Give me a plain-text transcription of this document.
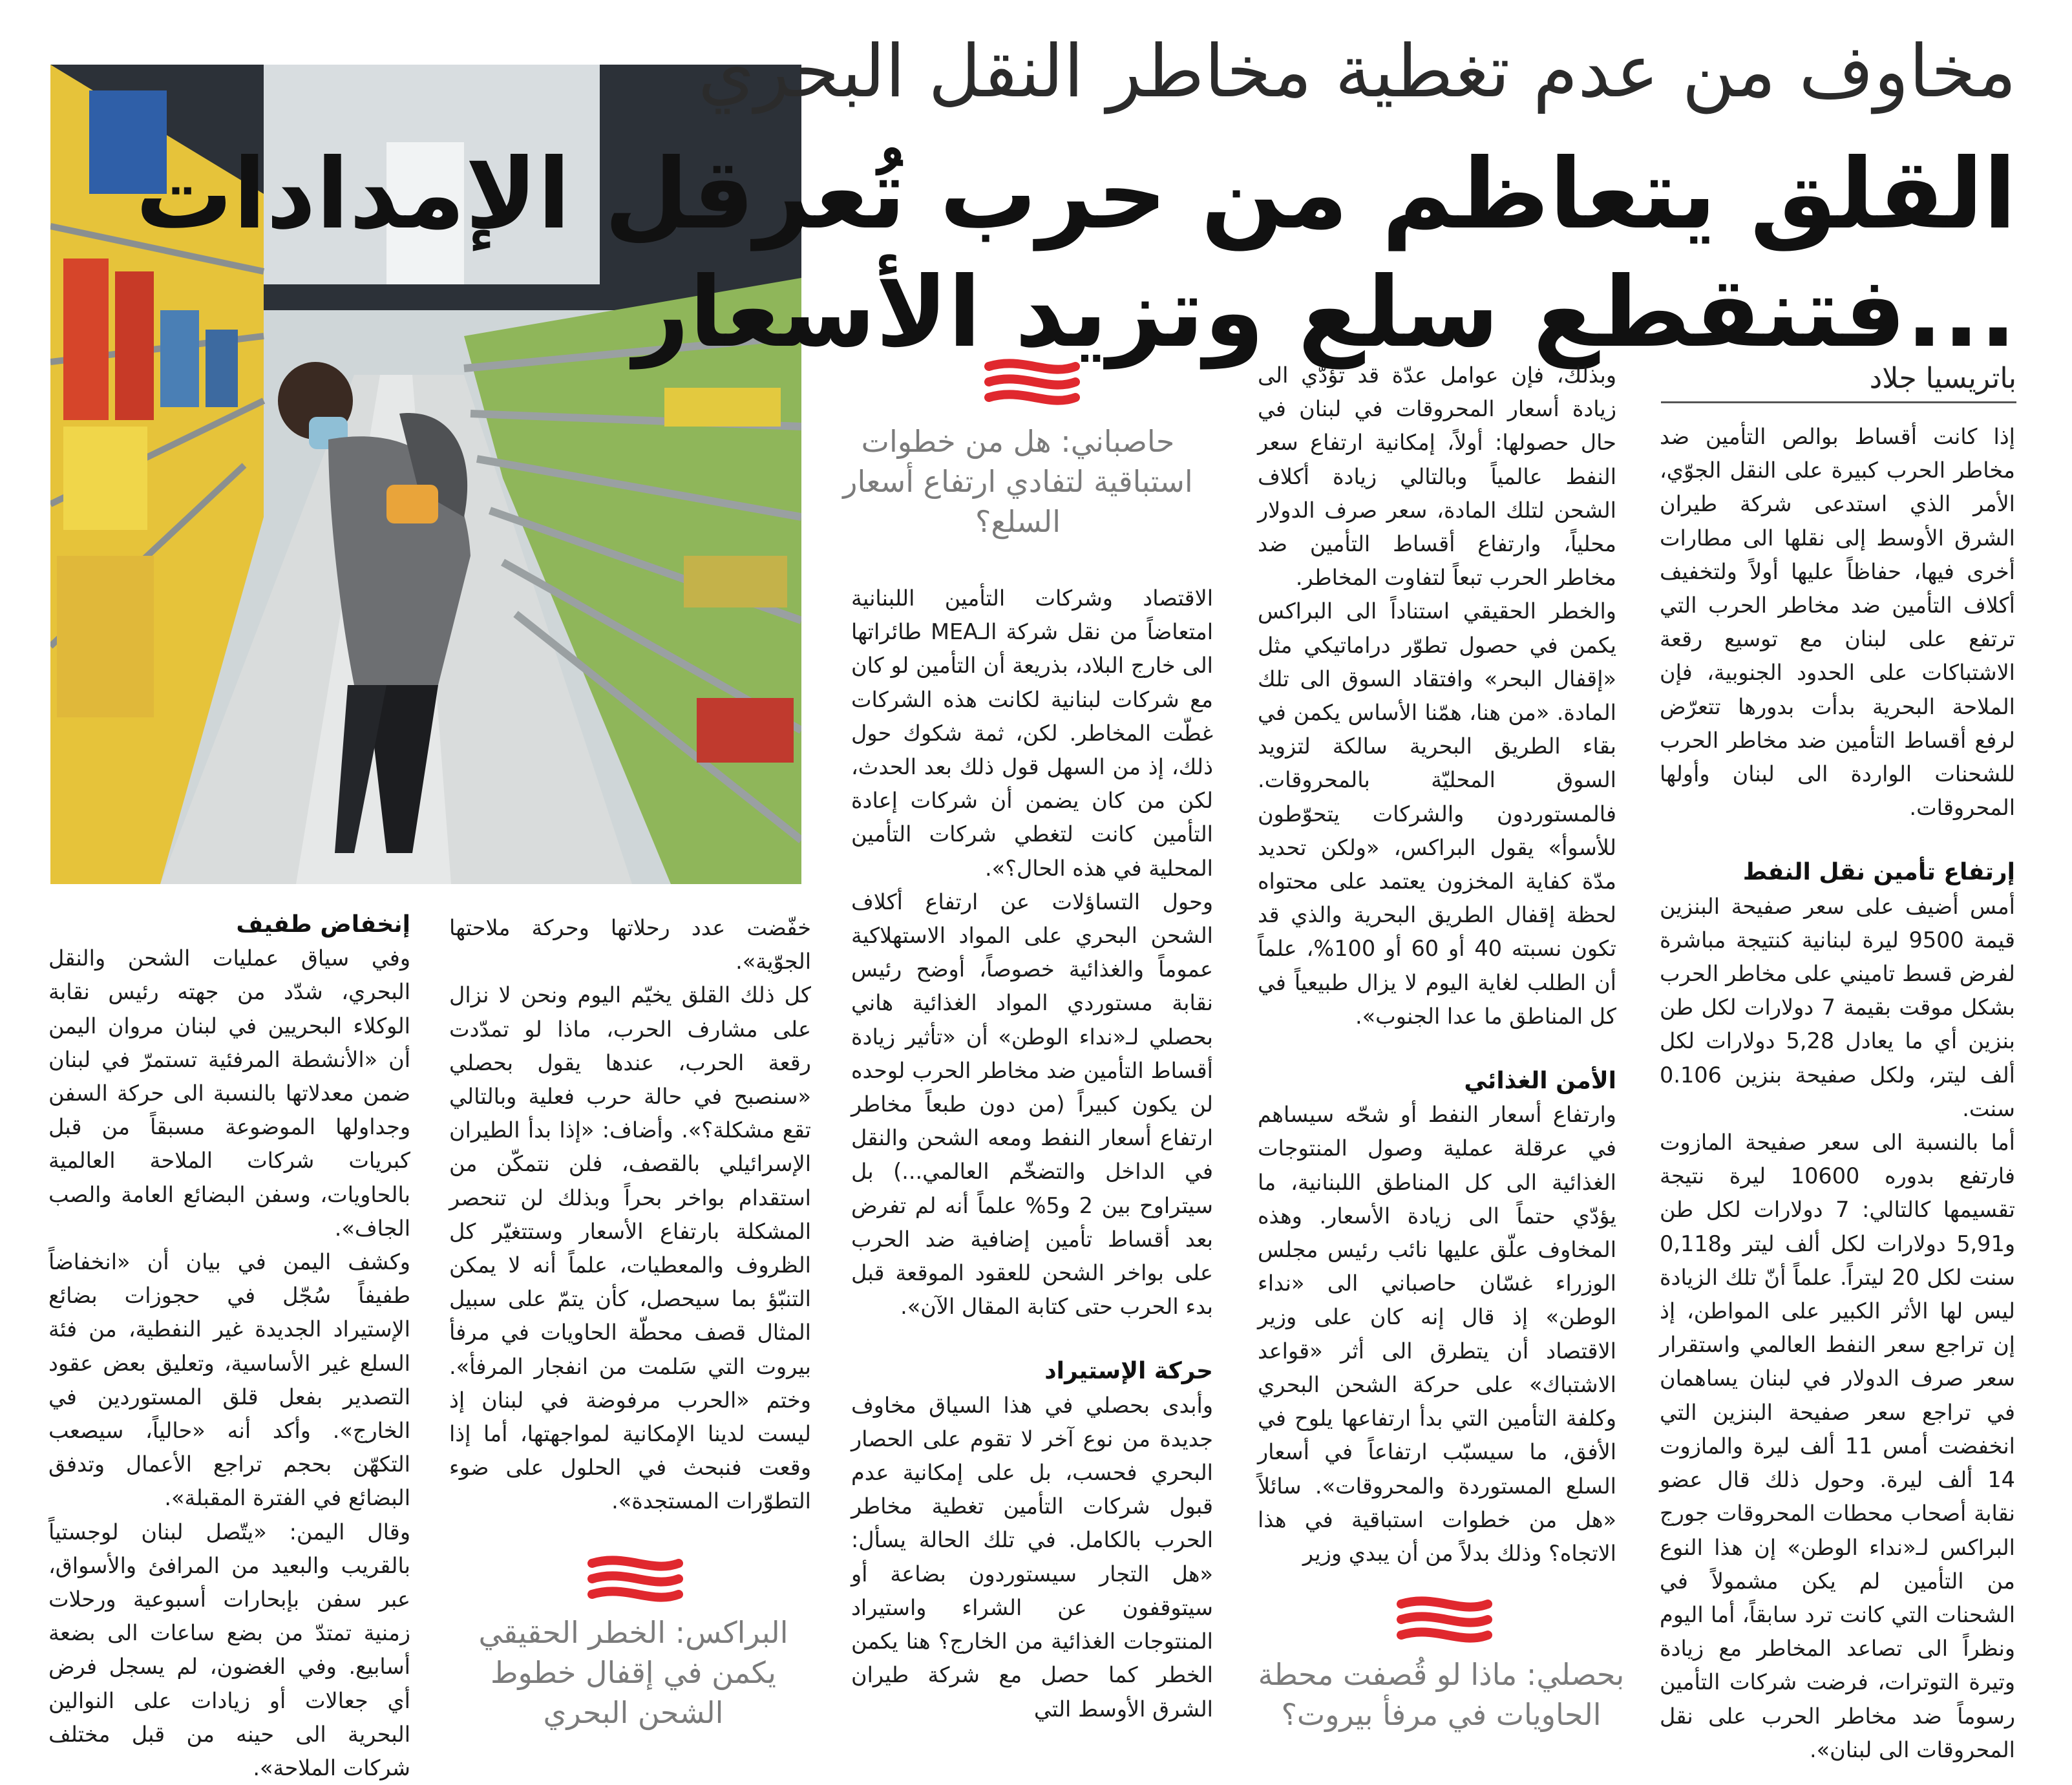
مخاوف من عدم تغطية مخاطر النقل البحري
القلق يتعاظم من حرب تُعرقل الإمدادات
...فتنقطع سلع وتزيد الأسعار
باتريسيا جلاد
حاصباني: هل من خطوات استباقية لتفادي ارتفاع أسعار السلع؟
بحصلي: ماذا لو قُصفت محطة الحاويات في مرفأ بيروت؟
البراكس: الخطر الحقيقي يكمن في إقفال خطوط الشحن البحري

إذا كانت أقساط بوالص التأمين ضد مخاطر الحرب كبيرة على النقل الجوّي، الأمر الذي استدعى شركة طيران الشرق الأوسط إلى نقلها الى مطارات أخرى فيها، حفاظاً عليها أولاً ولتخفيف أكلاف التأمين ضد مخاطر الحرب التي ترتفع على لبنان مع توسيع رقعة الاشتباكات على الحدود الجنوبية، فإن الملاحة البحرية بدأت بدورها تتعرّض لرفع أقساط التأمين ضد مخاطر الحرب للشحنات الواردة الى لبنان وأولها المحروقات.

إرتفاع تأمين نقل النفط

أمس أضيف على سعر صفيحة البنزين قيمة 9500 ليرة لبنانية كنتيجة مباشرة لفرض قسط تاميني على مخاطر الحرب بشكل موقت بقيمة 7 دولارات لكل طن بنزين أي ما يعادل 5,28 دولارات لكل ألف ليتر، ولكل صفيحة بنزين 0.106 سنت.

أما بالنسبة الى سعر صفيحة المازوت فارتفع بدوره 10600 ليرة نتيجة تقسيمها كالتالي: 7 دولارات لكل طن و5,91 دولارات لكل ألف ليتر و0,118 سنت لكل 20 ليتراً. علماً أنّ تلك الزيادة ليس لها الأثر الكبير على المواطن، إذ إن تراجع سعر النفط العالمي واستقرار سعر صرف الدولار في لبنان يساهمان في تراجع سعر صفيحة البنزين التي انخفضت أمس 11 ألف ليرة والمازوت 14 ألف ليرة. وحول ذلك قال عضو نقابة أصحاب محطات المحروقات جورج البراكس لـ«نداء الوطن» إن هذا النوع من التأمين لم يكن مشمولاً في الشحنات التي كانت ترد سابقاً، أما اليوم ونظراً الى تصاعد المخاطر مع زيادة وتيرة التوترات، فرضت شركات التأمين رسوماً ضد مخاطر الحرب على نقل المحروقات الى لبنان».

وبذلك، فإن عوامل عدّة قد تؤدّي الى زيادة أسعار المحروقات في لبنان في حال حصولها: أولاً، إمكانية ارتفاع سعر النفط عالمياً وبالتالي زيادة أكلاف الشحن لتلك المادة، سعر صرف الدولار محلياً، وارتفاع أقساط التأمين ضد مخاطر الحرب تبعاً لتفاوت المخاطر.

والخطر الحقيقي استناداً الى البراكس يكمن في حصول تطوّر دراماتيكي مثل «إقفال البحر» وافتقاد السوق الى تلك المادة. «من هنا، همّنا الأساس يكمن في بقاء الطريق البحرية سالكة لتزويد السوق المحليّة بالمحروقات. فالمستوردون والشركات يتحوّطون للأسوأ» يقول البراكس، «ولكن تحديد مدّة كفاية المخزون يعتمد على محتواه لحظة إقفال الطريق البحرية والذي قد تكون نسبته 40 أو 60 أو 100%، علماً أن الطلب لغاية اليوم لا يزال طبيعياً في كل المناطق ما عدا الجنوب».

الأمن الغذائي

وارتفاع أسعار النفط أو شحّه سيساهم في عرقلة عملية وصول المنتوجات الغذائية الى كل المناطق اللبنانية، ما يؤدّي حتماً الى زيادة الأسعار. وهذه المخاوف علّق عليها نائب رئيس مجلس الوزراء غسّان حاصباني الى «نداء الوطن» إذ قال إنه كان على وزير الاقتصاد أن يتطرق الى أثر «قواعد الاشتباك» على حركة الشحن البحري وكلفة التأمين التي بدأ ارتفاعها يلوح في الأفق، ما سيسبّب ارتفاعاً في أسعار السلع المستوردة والمحروقات». سائلاً «هل من خطوات استباقية في هذا الاتجاه؟ وذلك بدلاً من أن يبدي وزير

الاقتصاد وشركات التأمين اللبنانية امتعاضاً من نقل شركة الـMEA طائراتها الى خارج البلاد، بذريعة أن التأمين لو كان مع شركات لبنانية لكانت هذه الشركات غطّت المخاطر. لكن، ثمة شكوك حول ذلك، إذ من السهل قول ذلك بعد الحدث، لكن من كان يضمن أن شركات إعادة التأمين كانت لتغطي شركات التأمين المحلية في هذه الحال؟».

وحول التساؤلات عن ارتفاع أكلاف الشحن البحري على المواد الاستهلاكية عموماً والغذائية خصوصاً، أوضح رئيس نقابة مستوردي المواد الغذائية هاني بحصلي لـ«نداء الوطن» أن «تأثير زيادة أقساط التأمين ضد مخاطر الحرب لوحده لن يكون كبيراً (من دون طبعاً مخاطر ارتفاع أسعار النفط ومعه الشحن والنقل في الداخل والتضخّم العالمي...) بل سيتراوح بين 2 و5% علماً أنه لم تفرض بعد أقساط تأمين إضافية ضد الحرب على بواخر الشحن للعقود الموقعة قبل بدء الحرب حتى كتابة المقال الآن».

حركة الإستيراد

وأبدى بحصلي في هذا السياق مخاوف جديدة من نوع آخر لا تقوم على الحصار البحري فحسب، بل على إمكانية عدم قبول شركات التأمين تغطية مخاطر الحرب بالكامل. في تلك الحالة يسأل: «هل التجار سيستوردون بضاعة أو سيتوقفون عن الشراء واستيراد المنتوجات الغذائية من الخارج؟ هنا يكمن الخطر كما حصل مع شركة طيران الشرق الأوسط التي

خفّضت عدد رحلاتها وحركة ملاحتها الجوّية».

كل ذلك القلق يخيّم اليوم ونحن لا نزال على مشارف الحرب، ماذا لو تمدّدت رقعة الحرب، عندها يقول بحصلي «سنصبح في حالة حرب فعلية وبالتالي تقع مشكلة؟». وأضاف: «إذا بدأ الطيران الإسرائيلي بالقصف، فلن نتمكّن من استقدام بواخر بحراً وبذلك لن تنحصر المشكلة بارتفاع الأسعار وستتغيّر كل الظروف والمعطيات، علماً أنه لا يمكن التنبّؤ بما سيحصل، كأن يتمّ على سبيل المثال قصف محطّة الحاويات في مرفأ بيروت التي سَلمت من انفجار المرفأ». وختم «الحرب مرفوضة في لبنان إذ ليست لدينا الإمكانية لمواجهتها، أما إذا وقعت فنبحث في الحلول على ضوء التطوّرات المستجدة».

إنخفاض طفيف

وفي سياق عمليات الشحن والنقل البحري، شدّد من جهته رئيس نقابة الوكلاء البحريين في لبنان مروان اليمن أن «الأنشطة المرفئية تستمرّ في لبنان ضمن معدلاتها بالنسبة الى حركة السفن وجداولها الموضوعة مسبقاً من قبل كبريات شركات الملاحة العالمية بالحاويات، وسفن البضائع العامة والصب الجاف».

وكشف اليمن في بيان أن «انخفاضاً طفيفاً سُجّل في حجوزات بضائع الإستيراد الجديدة غير النفطية، من فئة السلع غير الأساسية، وتعليق بعض عقود التصدير بفعل قلق المستوردين في الخارج». وأكد أنه «حالياً، سيصعب التكهّن بحجم تراجع الأعمال وتدفق البضائع في الفترة المقبلة».

وقال اليمن: «يتّصل لبنان لوجستياً بالقريب والبعيد من المرافئ والأسواق، عبر سفن بإبحارات أسبوعية ورحلات زمنية تمتدّ من بضع ساعات الى بضعة أسابيع. وفي الغضون، لم يسجل فرض أي جعالات أو زيادات على النوالين البحرية الى حينه من قبل مختلف شركات الملاحة».
